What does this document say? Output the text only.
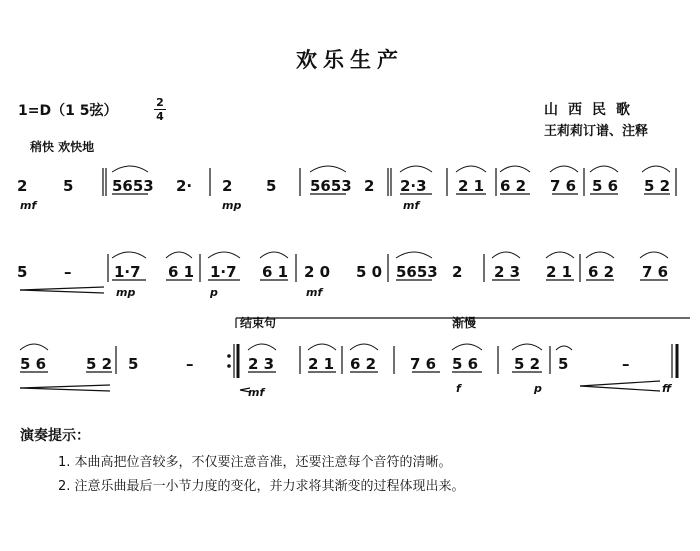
欢乐生产
1=D（1 5弦）
2
4	山西民歌
王莉莉订谱、注释
稍快 欢快地
结束句	渐慢
2 5	5653 2· 2 5 5653 2 2·3 2 1 6 2 7 6 5 6 5 2
mf	mp	mf
5 –	1·7 6 1 1·7 6 1 2 0 5 0 5653 2 2 3 2 1 6 2 7 6
mp	p	mf
5 6	5 2 5	–	2 3 2 1 6 2 7 6 5 6 5 2 5	–
mf	f	p	ff
演奏提示：
1. 本曲高把位音较多，不仅要注意音准，还要注意每个音符的清晰。
2. 注意乐曲最后一小节力度的变化，并力求将其渐变的过程体现出来。
